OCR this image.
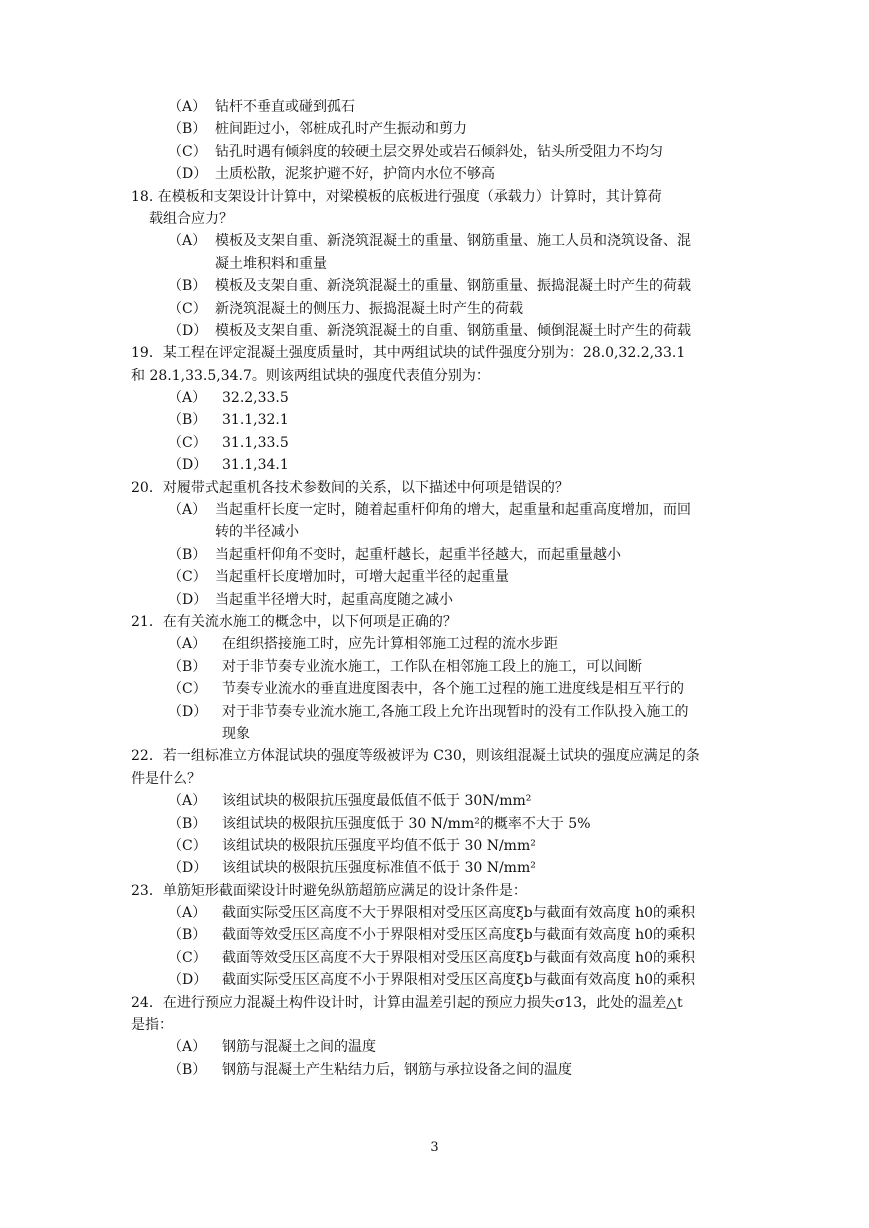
（A） 钻杆不垂直或碰到孤石
（B） 桩间距过小，邻桩成孔时产生振动和剪力
（C） 钻孔时遇有倾斜度的较硬土层交界处或岩石倾斜处，钻头所受阻力不均匀
（D） 土质松散，泥浆护避不好，护筒内水位不够高
18. 在模板和支架设计计算中，对梁模板的底板进行强度（承载力）计算时，其计算荷
载组合应力？
（A） 模板及支架自重、新浇筑混凝土的重量、钢筋重量、施工人员和浇筑设备、混
凝土堆积料和重量
（B） 模板及支架自重、新浇筑混凝土的重量、钢筋重量、振捣混凝土时产生的荷载
（C） 新浇筑混凝土的侧压力、振捣混凝土时产生的荷载
（D） 模板及支架自重、新浇筑混凝土的自重、钢筋重量、倾倒混凝土时产生的荷载
19．某工程在评定混凝土强度质量时，其中两组试块的试件强度分别为：28.0,32.2,33.1
和 28.1,33.5,34.7。则该两组试块的强度代表值分别为：
（A） 32.2,33.5
（B） 31.1,32.1
（C） 31.1,33.5
（D） 31.1,34.1
20．对履带式起重机各技术参数间的关系，以下描述中何项是错误的？
（A） 当起重杆长度一定时，随着起重杆仰角的增大，起重量和起重高度增加，而回
转的半径减小
（B） 当起重杆仰角不变时，起重杆越长，起重半径越大，而起重量越小
（C） 当起重杆长度增加时，可增大起重半径的起重量
（D） 当起重半径增大时，起重高度随之减小
21．在有关流水施工的概念中，以下何项是正确的？
（A） 在组织搭接施工时，应先计算相邻施工过程的流水步距
（B） 对于非节奏专业流水施工，工作队在相邻施工段上的施工，可以间断
（C） 节奏专业流水的垂直进度图表中，各个施工过程的施工进度线是相互平行的
（D） 对于非节奏专业流水施工,各施工段上允许出现暂时的没有工作队投入施工的
现象
22．若一组标准立方体混试块的强度等级被评为 C30，则该组混凝土试块的强度应满足的条
件是什么？
（A） 该组试块的极限抗压强度最低值不低于 30N/mm²
（B） 该组试块的极限抗压强度低于 30 N/mm²的概率不大于 5%
（C） 该组试块的极限抗压强度平均值不低于 30 N/mm²
（D） 该组试块的极限抗压强度标准值不低于 30 N/mm²
23．单筋矩形截面梁设计时避免纵筋超筋应满足的设计条件是：
（A） 截面实际受压区高度不大于界限相对受压区高度ξb与截面有效高度 h0的乘积
（B） 截面等效受压区高度不小于界限相对受压区高度ξb与截面有效高度 h0的乘积
（C） 截面等效受压区高度不大于界限相对受压区高度ξb与截面有效高度 h0的乘积
（D） 截面实际受压区高度不小于界限相对受压区高度ξb与截面有效高度 h0的乘积
24．在进行预应力混凝土构件设计时，计算由温差引起的预应力损失σ13，此处的温差△t
是指：
（A） 钢筋与混凝土之间的温度
（B） 钢筋与混凝土产生粘结力后，钢筋与承拉设备之间的温度
3
